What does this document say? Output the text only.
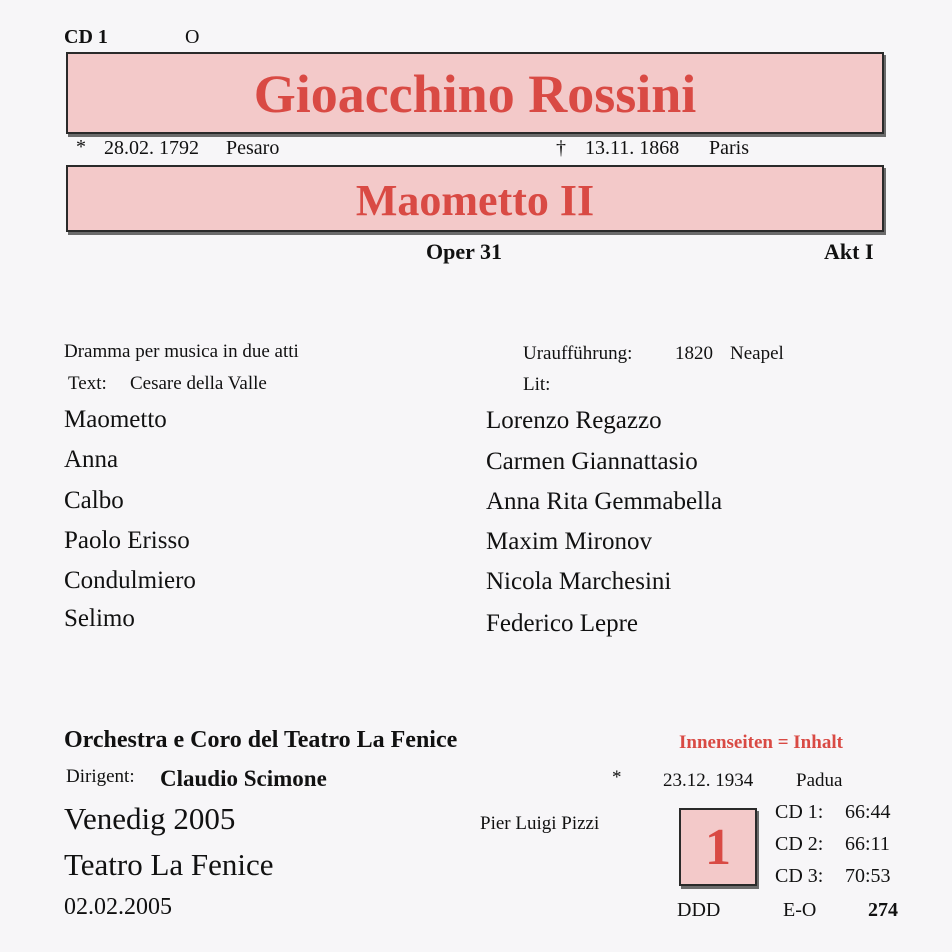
CD 1	O
Gioacchino Rossini
* 28.02. 1792 Pesaro	† 13.11. 1868 Paris
Maometto II
Oper 31	Akt I
Dramma per musica in due atti	Uraufführung: 1820 Neapel
Text: Cesare della Valle	Lit:
Maometto	Lorenzo Regazzo
Anna	Carmen Giannattasio
Calbo	Anna Rita Gemmabella
Paolo Erisso	Maxim Mironov
Condulmiero	Nicola Marchesini
Selimo	Federico Lepre
Orchestra e Coro del Teatro La Fenice	Innenseiten = Inhalt
Dirigent: Claudio Scimone	* 23.12. 1934 Padua
Venedig 2005	Pier Luigi Pizzi
Teatro La Fenice
02.02.2005
1
CD 1: 66:44
CD 2: 66:11
CD 3: 70:53
DDD	E-O	274
